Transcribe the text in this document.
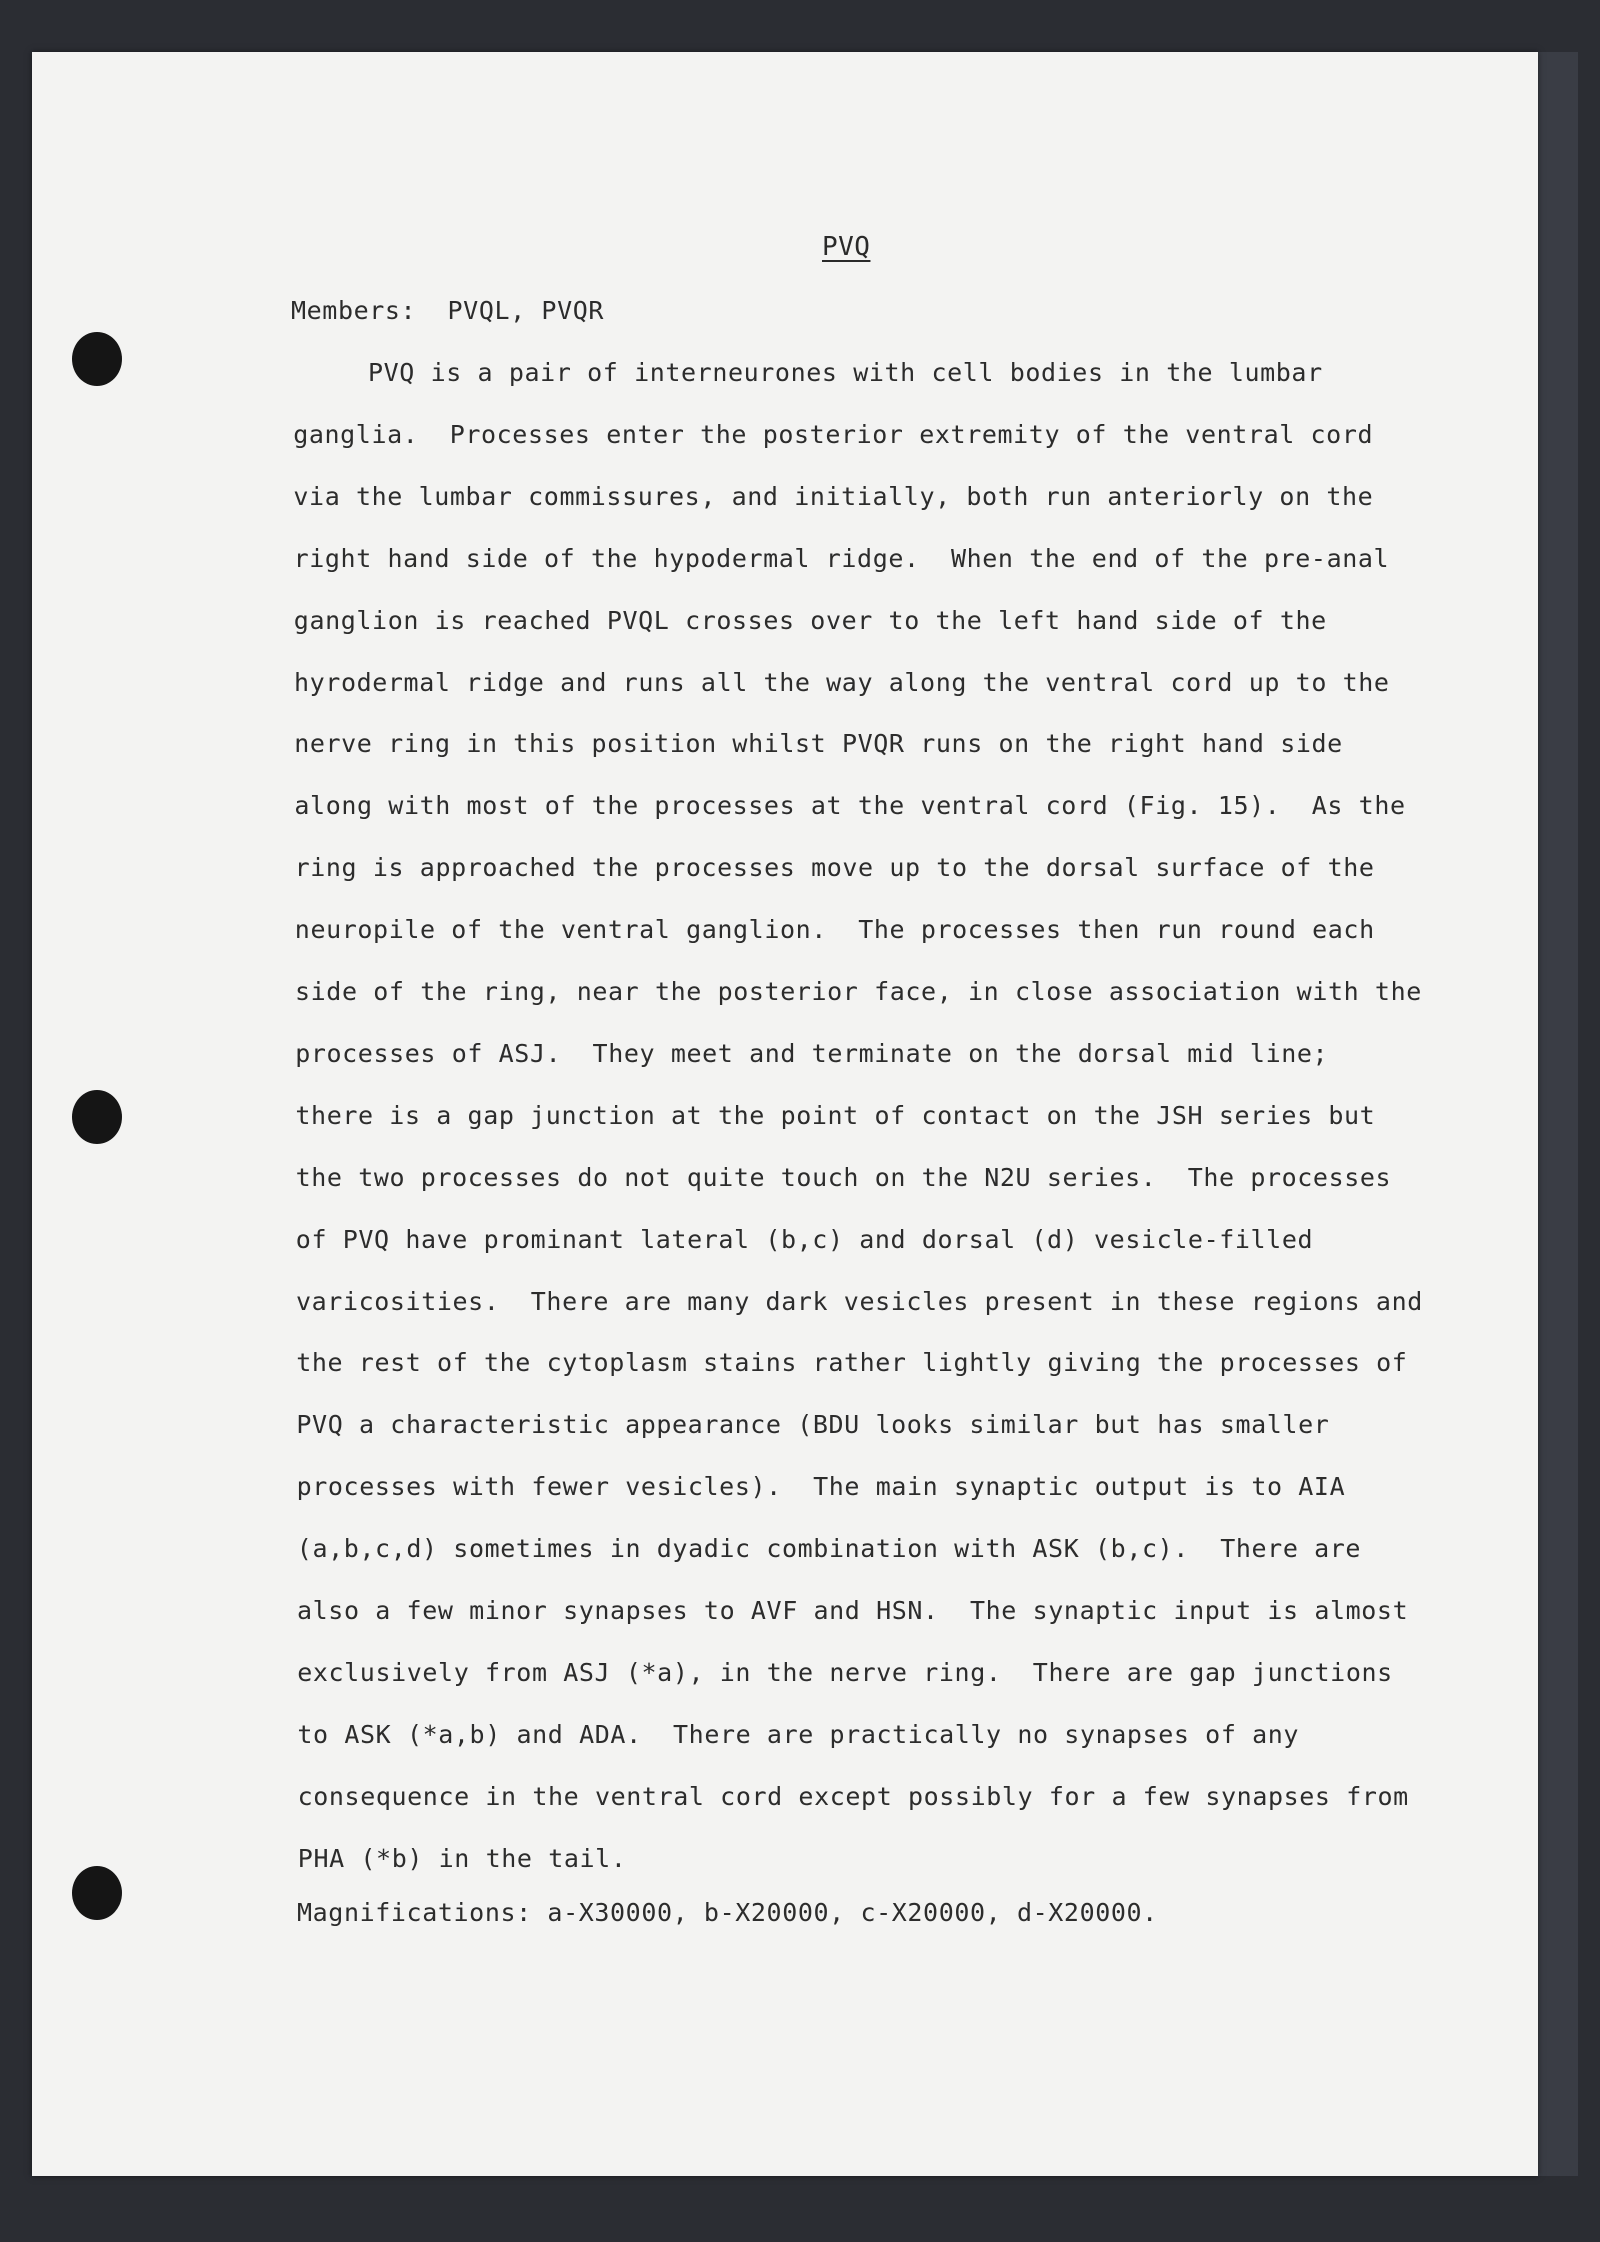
PVQ
Members:  PVQL, PVQR
PVQ is a pair of interneurones with cell bodies in the lumbar
ganglia.  Processes enter the posterior extremity of the ventral cord
via the lumbar commissures, and initially, both run anteriorly on the
right hand side of the hypodermal ridge.  When the end of the pre-anal
ganglion is reached PVQL crosses over to the left hand side of the
hyrodermal ridge and runs all the way along the ventral cord up to the
nerve ring in this position whilst PVQR runs on the right hand side
along with most of the processes at the ventral cord (Fig. 15).  As the
ring is approached the processes move up to the dorsal surface of the
neuropile of the ventral ganglion.  The processes then run round each
side of the ring, near the posterior face, in close association with the
processes of ASJ.  They meet and terminate on the dorsal mid line;
there is a gap junction at the point of contact on the JSH series but
the two processes do not quite touch on the N2U series.  The processes
of PVQ have prominant lateral (b,c) and dorsal (d) vesicle-filled
varicosities.  There are many dark vesicles present in these regions and
the rest of the cytoplasm stains rather lightly giving the processes of
PVQ a characteristic appearance (BDU looks similar but has smaller
processes with fewer vesicles).  The main synaptic output is to AIA
(a,b,c,d) sometimes in dyadic combination with ASK (b,c).  There are
also a few minor synapses to AVF and HSN.  The synaptic input is almost
exclusively from ASJ (*a), in the nerve ring.  There are gap junctions
to ASK (*a,b) and ADA.  There are practically no synapses of any
consequence in the ventral cord except possibly for a few synapses from
PHA (*b) in the tail.
Magnifications: a-X30000, b-X20000, c-X20000, d-X20000.
